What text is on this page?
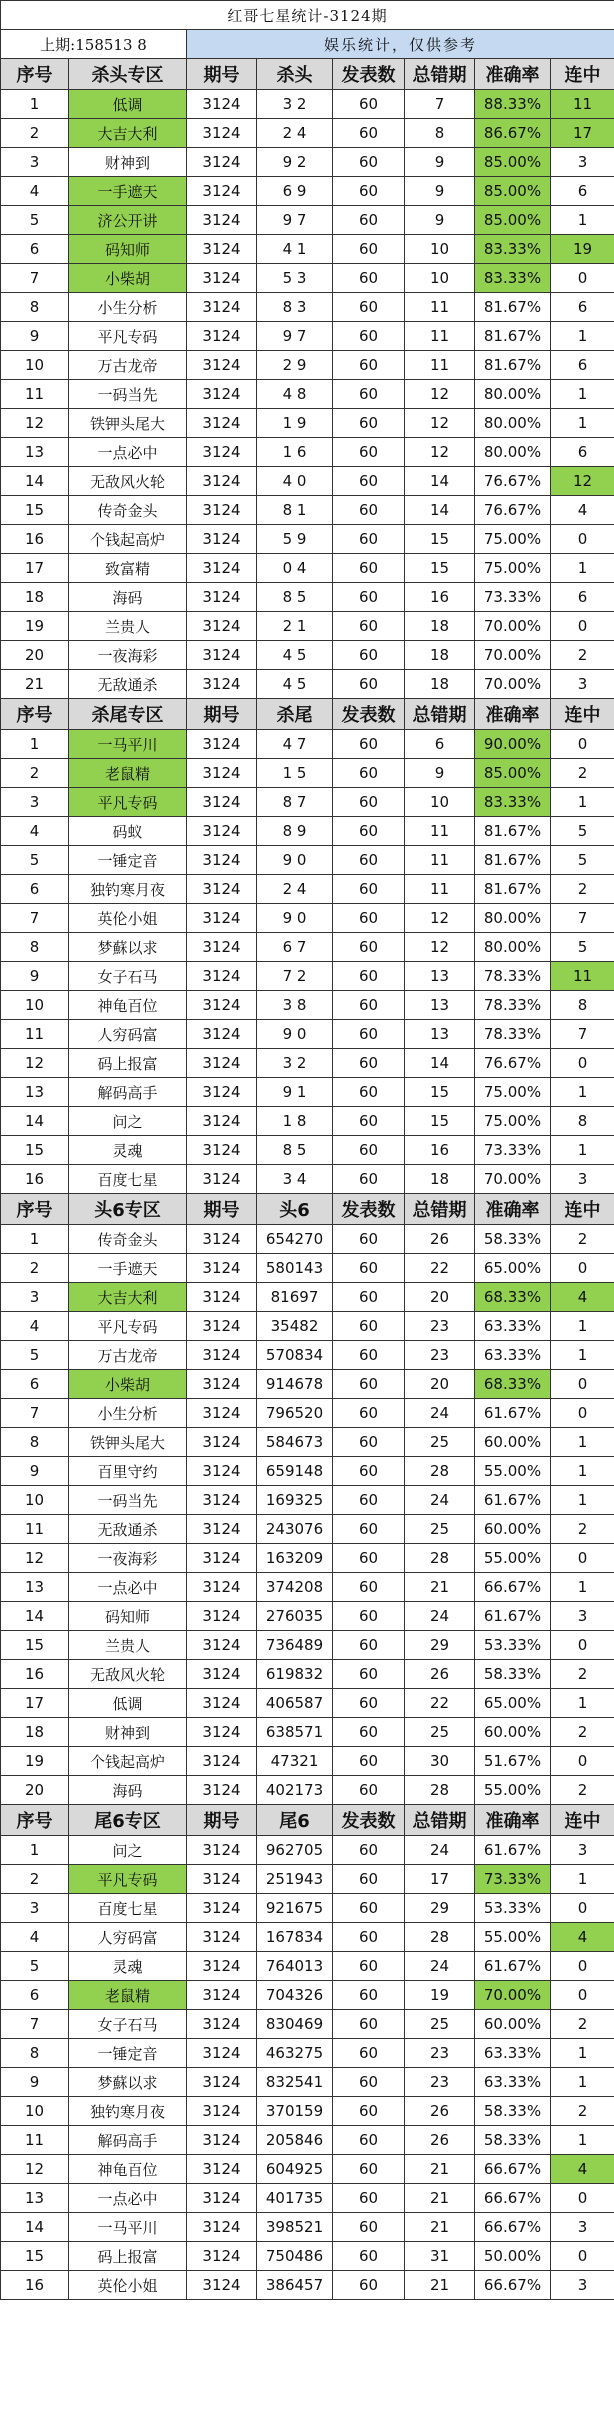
红哥七星统计-3124期							
上期:158513 8		娱乐统计，仅供参考					
序号	杀头专区	期号	杀头	发表数	总错期	准确率	连中
1	低调	3124	3 2	60	7	88.33%	11
2	大吉大利	3124	2 4	60	8	86.67%	17
3	财神到	3124	9 2	60	9	85.00%	3
4	一手遮天	3124	6 9	60	9	85.00%	6
5	济公开讲	3124	9 7	60	9	85.00%	1
6	码知师	3124	4 1	60	10	83.33%	19
7	小柴胡	3124	5 3	60	10	83.33%	0
8	小生分析	3124	8 3	60	11	81.67%	6
9	平凡专码	3124	9 7	60	11	81.67%	1
10	万古龙帝	3124	2 9	60	11	81.67%	6
11	一码当先	3124	4 8	60	12	80.00%	1
12	铁钾头尾大	3124	1 9	60	12	80.00%	1
13	一点必中	3124	1 6	60	12	80.00%	6
14	无敌风火轮	3124	4 0	60	14	76.67%	12
15	传奇金头	3124	8 1	60	14	76.67%	4
16	个钱起高炉	3124	5 9	60	15	75.00%	0
17	致富精	3124	0 4	60	15	75.00%	1
18	海码	3124	8 5	60	16	73.33%	6
19	兰贵人	3124	2 1	60	18	70.00%	0
20	一夜海彩	3124	4 5	60	18	70.00%	2
21	无敌通杀	3124	4 5	60	18	70.00%	3
序号	杀尾专区	期号	杀尾	发表数	总错期	准确率	连中
1	一马平川	3124	4 7	60	6	90.00%	0
2	老鼠精	3124	1 5	60	9	85.00%	2
3	平凡专码	3124	8 7	60	10	83.33%	1
4	码蚁	3124	8 9	60	11	81.67%	5
5	一锤定音	3124	9 0	60	11	81.67%	5
6	独钓寒月夜	3124	2 4	60	11	81.67%	2
7	英伦小姐	3124	9 0	60	12	80.00%	7
8	梦蘇以求	3124	6 7	60	12	80.00%	5
9	女子石马	3124	7 2	60	13	78.33%	11
10	神龟百位	3124	3 8	60	13	78.33%	8
11	人穷码富	3124	9 0	60	13	78.33%	7
12	码上报富	3124	3 2	60	14	76.67%	0
13	解码高手	3124	9 1	60	15	75.00%	1
14	问之	3124	1 8	60	15	75.00%	8
15	灵魂	3124	8 5	60	16	73.33%	1
16	百度七星	3124	3 4	60	18	70.00%	3
序号	头6专区	期号	头6	发表数	总错期	准确率	连中
1	传奇金头	3124	654270	60	26	58.33%	2
2	一手遮天	3124	580143	60	22	65.00%	0
3	大吉大利	3124	81697	60	20	68.33%	4
4	平凡专码	3124	35482	60	23	63.33%	1
5	万古龙帝	3124	570834	60	23	63.33%	1
6	小柴胡	3124	914678	60	20	68.33%	0
7	小生分析	3124	796520	60	24	61.67%	0
8	铁钾头尾大	3124	584673	60	25	60.00%	1
9	百里守约	3124	659148	60	28	55.00%	1
10	一码当先	3124	169325	60	24	61.67%	1
11	无敌通杀	3124	243076	60	25	60.00%	2
12	一夜海彩	3124	163209	60	28	55.00%	0
13	一点必中	3124	374208	60	21	66.67%	1
14	码知师	3124	276035	60	24	61.67%	3
15	兰贵人	3124	736489	60	29	53.33%	0
16	无敌风火轮	3124	619832	60	26	58.33%	2
17	低调	3124	406587	60	22	65.00%	1
18	财神到	3124	638571	60	25	60.00%	2
19	个钱起高炉	3124	47321	60	30	51.67%	0
20	海码	3124	402173	60	28	55.00%	2
序号	尾6专区	期号	尾6	发表数	总错期	准确率	连中
1	问之	3124	962705	60	24	61.67%	3
2	平凡专码	3124	251943	60	17	73.33%	1
3	百度七星	3124	921675	60	29	53.33%	0
4	人穷码富	3124	167834	60	28	55.00%	4
5	灵魂	3124	764013	60	24	61.67%	0
6	老鼠精	3124	704326	60	19	70.00%	0
7	女子石马	3124	830469	60	25	60.00%	2
8	一锤定音	3124	463275	60	23	63.33%	1
9	梦蘇以求	3124	832541	60	23	63.33%	1
10	独钓寒月夜	3124	370159	60	26	58.33%	2
11	解码高手	3124	205846	60	26	58.33%	1
12	神龟百位	3124	604925	60	21	66.67%	4
13	一点必中	3124	401735	60	21	66.67%	0
14	一马平川	3124	398521	60	21	66.67%	3
15	码上报富	3124	750486	60	31	50.00%	0
16	英伦小姐	3124	386457	60	21	66.67%	3
